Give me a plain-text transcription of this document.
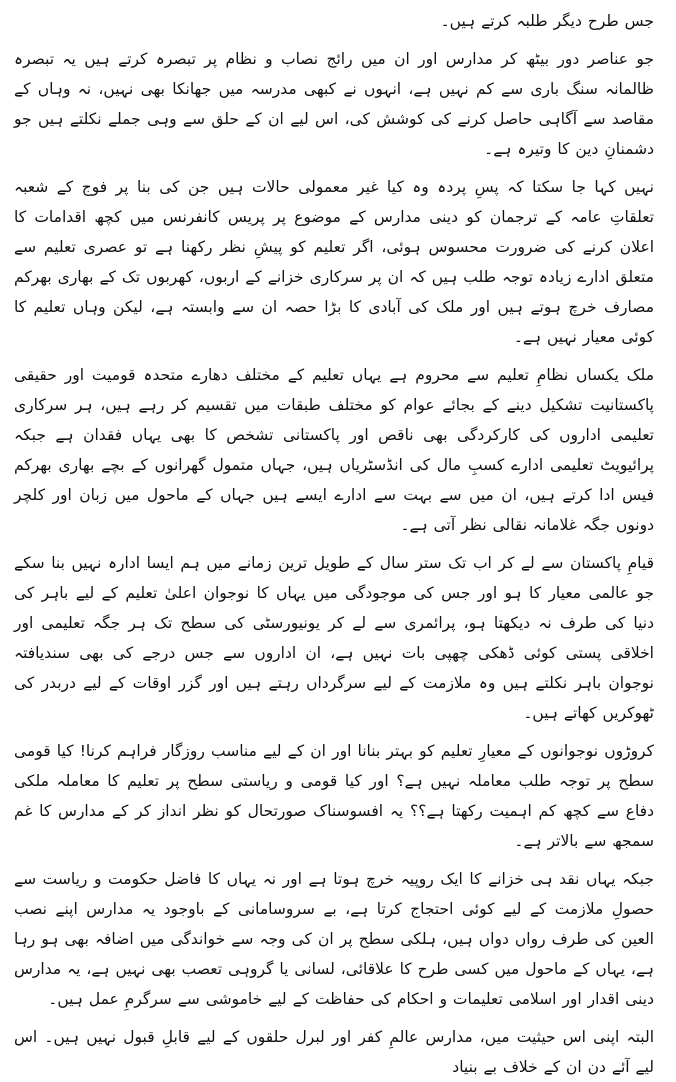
جس طرح دیگر طلبہ کرتے ہیں۔

جو عناصر دور بیٹھ کر مدارس اور ان میں رائج نصاب و نظام پر تبصرہ کرتے ہیں یہ تبصرہ ظالمانہ سنگ باری سے کم نہیں ہے، انہوں نے کبھی مدرسہ میں جھانکا بھی نہیں، نہ وہاں کے مقاصد سے آگاہی حاصل کرنے کی کوشش کی، اس لیے ان کے حلق سے وہی جملے نکلتے ہیں جو دشمنانِ دین کا وتیرہ ہے۔

نہیں کہا جا سکتا کہ پسِ پردہ وہ کیا غیر معمولی حالات ہیں جن کی بنا پر فوج کے شعبہ تعلقاتِ عامہ کے ترجمان کو دینی مدارس کے موضوع پر پریس کانفرنس میں کچھ اقدامات کا اعلان کرنے کی ضرورت محسوس ہوئی، اگر تعلیم کو پیشِ نظر رکھنا ہے تو عصری تعلیم سے متعلق ادارے زیادہ توجہ طلب ہیں کہ ان پر سرکاری خزانے کے اربوں، کھربوں تک کے بھاری بھرکم مصارف خرچ ہوتے ہیں اور ملک کی آبادی کا بڑا حصہ ان سے وابستہ ہے، لیکن وہاں تعلیم کا کوئی معیار نہیں ہے۔

ملک یکساں نظامِ تعلیم سے محروم ہے یہاں تعلیم کے مختلف دھارے متحدہ قومیت اور حقیقی پاکستانیت تشکیل دینے کے بجائے عوام کو مختلف طبقات میں تقسیم کر رہے ہیں، ہر سرکاری تعلیمی اداروں کی کارکردگی بھی ناقص اور پاکستانی تشخص کا بھی یہاں فقدان ہے جبکہ پرائیویٹ تعلیمی ادارے کسبِ مال کی انڈسٹریاں ہیں، جہاں متمول گھرانوں کے بچے بھاری بھرکم فیس ادا کرتے ہیں، ان میں سے بہت سے ادارے ایسے ہیں جہاں کے ماحول میں زبان اور کلچر دونوں جگہ غلامانہ نقالی نظر آتی ہے۔

قیامِ پاکستان سے لے کر اب تک ستر سال کے طویل ترین زمانے میں ہم ایسا ادارہ نہیں بنا سکے جو عالمی معیار کا ہو اور جس کی موجودگی میں یہاں کا نوجوان اعلیٰ تعلیم کے لیے باہر کی دنیا کی طرف نہ دیکھتا ہو، پرائمری سے لے کر یونیورسٹی کی سطح تک ہر جگہ تعلیمی اور اخلاقی پستی کوئی ڈھکی چھپی بات نہیں ہے، ان اداروں سے جس درجے کی بھی سندیافتہ نوجوان باہر نکلتے ہیں وہ ملازمت کے لیے سرگرداں رہتے ہیں اور گزر اوقات کے لیے دربدر کی ٹھوکریں کھاتے ہیں۔

کروڑوں نوجوانوں کے معیارِ تعلیم کو بہتر بنانا اور ان کے لیے مناسب روزگار فراہم کرنا! کیا قومی سطح پر توجہ طلب معاملہ نہیں ہے؟ اور کیا قومی و ریاستی سطح پر تعلیم کا معاملہ ملکی دفاع سے کچھ کم اہمیت رکھتا ہے؟؟ یہ افسوسناک صورتحال کو نظر انداز کر کے مدارس کا غم سمجھ سے بالاتر ہے۔

جبکہ یہاں نقد ہی خزانے کا ایک روپیہ خرچ ہوتا ہے اور نہ یہاں کا فاضل حکومت و ریاست سے حصولِ ملازمت کے لیے کوئی احتجاج کرتا ہے، بے سروسامانی کے باوجود یہ مدارس اپنے نصب العین کی طرف رواں دواں ہیں، ہلکی سطح پر ان کی وجہ سے خواندگی میں اضافہ بھی ہو رہا ہے، یہاں کے ماحول میں کسی طرح کا علاقائی، لسانی یا گروہی تعصب بھی نہیں ہے، یہ مدارس دینی اقدار اور اسلامی تعلیمات و احکام کی حفاظت کے لیے خاموشی سے سرگرمِ عمل ہیں۔

البتہ اپنی اس حیثیت میں، مدارس عالمِ کفر اور لبرل حلقوں کے لیے قابلِ قبول نہیں ہیں۔ اس لیے آئے دن ان کے خلاف بے بنیاد
